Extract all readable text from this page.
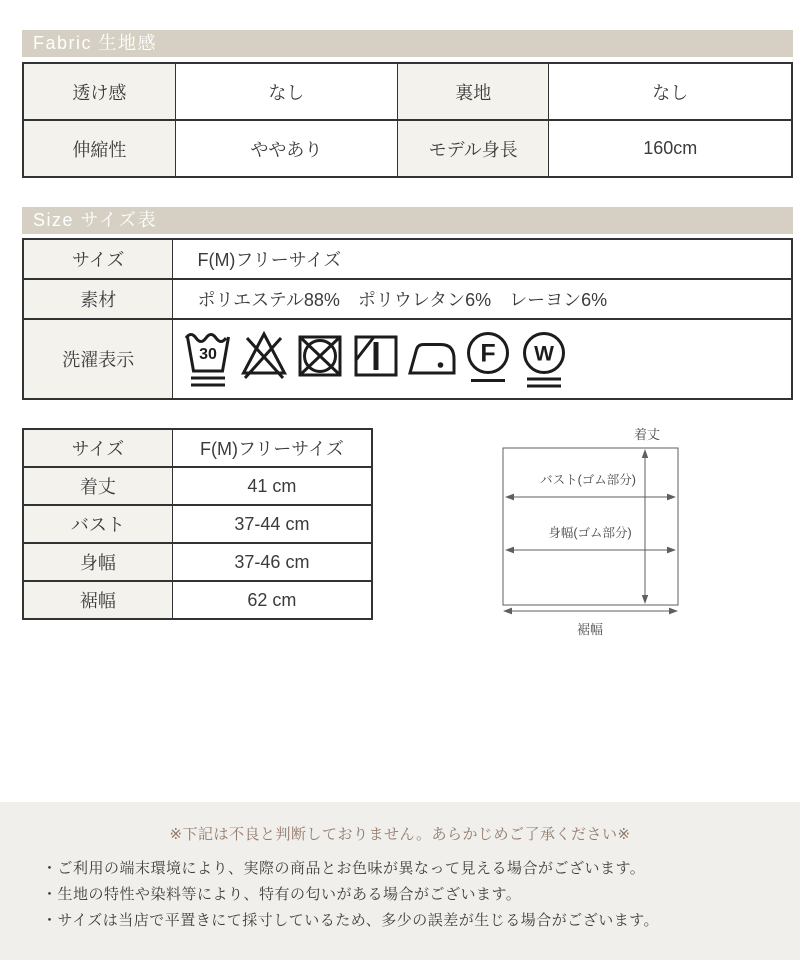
Fabric 生地感
透け感	なし	裏地	なし
伸縮性	ややあり	モデル身長	160cm
Size サイズ表
サイズ	F(M)フリーサイズ
素材	ポリエステル88%　ポリウレタン6%　レーヨン6%
洗濯表示	30 F W
サイズ	F(M)フリーサイズ
着丈	41 cm
バスト	37-44 cm
身幅	37-46 cm
裾幅	62 cm
着丈
バスト(ゴム部分)
身幅(ゴム部分)
裾幅
※下記は不良と判断しておりません。あらかじめご了承ください※
・ご利用の端末環境により、実際の商品とお色味が異なって見える場合がございます。
・生地の特性や染料等により、特有の匂いがある場合がございます。
・サイズは当店で平置きにて採寸しているため、多少の誤差が生じる場合がございます。
